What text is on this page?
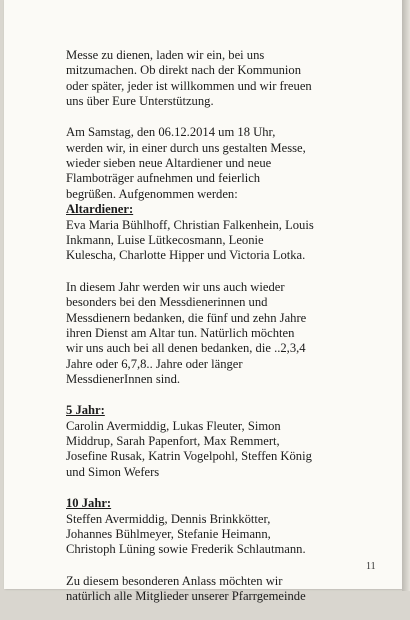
Messe zu dienen, laden wir ein, bei uns
mitzumachen. Ob direkt nach der Kommunion
oder später, jeder ist willkommen und wir freuen
uns über Eure Unterstützung.

Am Samstag, den 06.12.2014 um 18 Uhr,
werden wir, in einer durch uns gestalten Messe,
wieder sieben neue Altardiener und neue
Flamboträger aufnehmen und feierlich
begrüßen. Aufgenommen werden:

Altardiener:

Eva Maria Bühlhoff, Christian Falkenhein, Louis
Inkmann, Luise Lütkecosmann, Leonie
Kulescha, Charlotte Hipper und Victoria Lotka.

In diesem Jahr werden wir uns auch wieder
besonders bei den Messdienerinnen und
Messdienern bedanken, die fünf und zehn Jahre
ihren Dienst am Altar tun. Natürlich möchten
wir uns auch bei all denen bedanken, die ..2,3,4
Jahre oder 6,7,8.. Jahre oder länger
MessdienerInnen sind.

5 Jahr:

Carolin Avermiddig, Lukas Fleuter, Simon
Middrup, Sarah Papenfort, Max Remmert,
Josefine Rusak, Katrin Vogelpohl, Steffen König
und Simon Wefers

10 Jahr:

Steffen Avermiddig, Dennis Brinkkötter,
Johannes Bühlmeyer, Stefanie Heimann,
Christoph Lüning sowie Frederik Schlautmann.

Zu diesem besonderen Anlass möchten wir
natürlich alle Mitglieder unserer Pfarrgemeinde

11
